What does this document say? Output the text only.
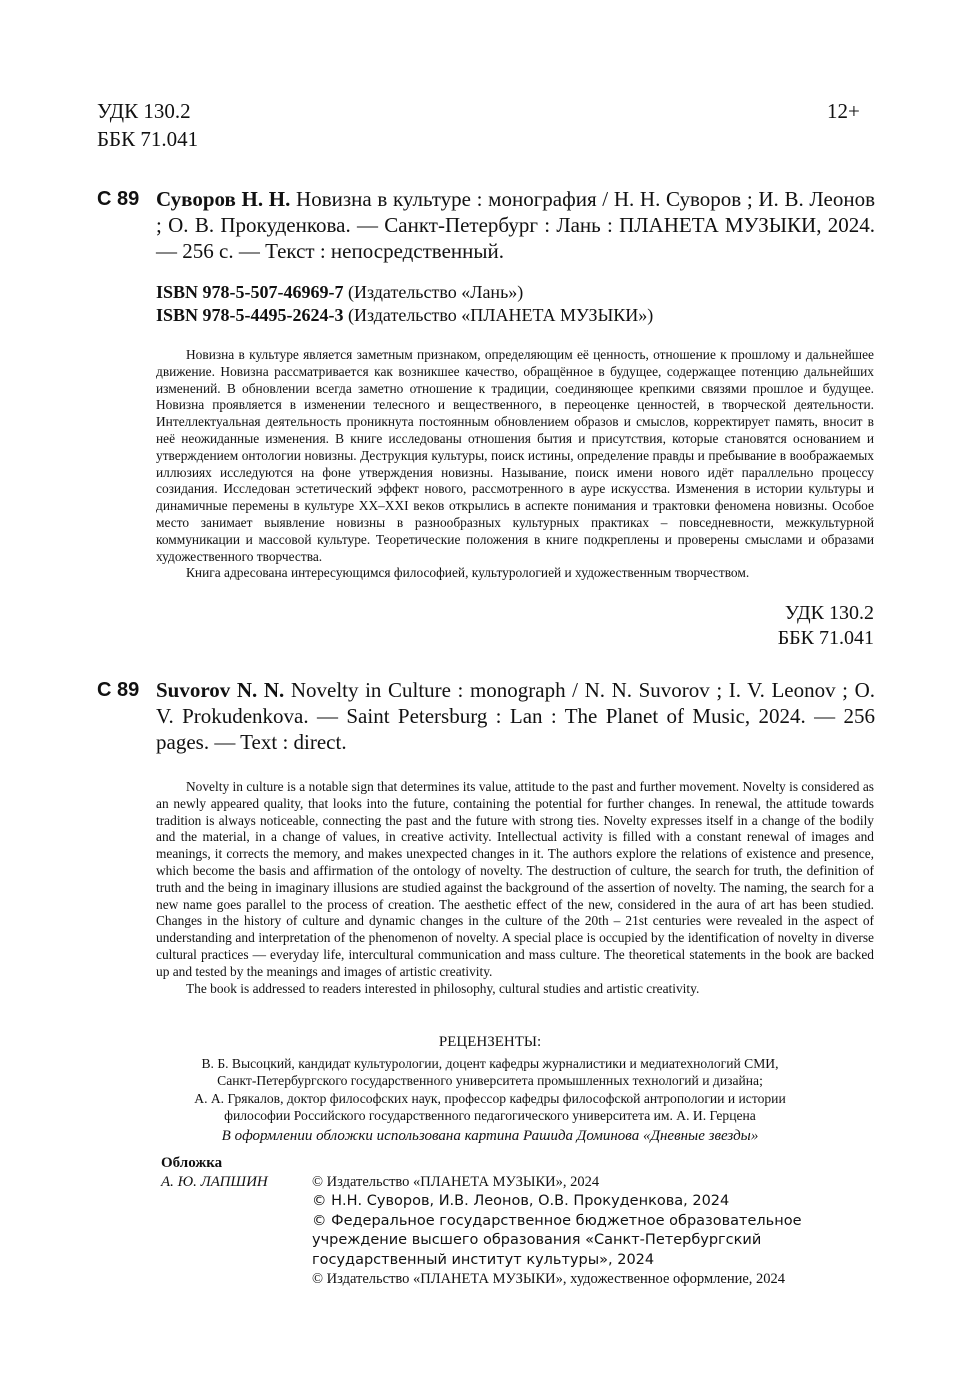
УДК 130.2
ББК 71.041
12+
С 89 Суворов Н. Н. Новизна в культуре : монография / Н. Н. Суворов ; И. В. Леонов ; О. В. Прокуденкова. — Санкт-Петербург : Лань : ПЛАНЕТА МУЗЫКИ, 2024. — 256 с. — Текст : непосредственный.
ISBN 978-5-507-46969-7 (Издательство «Лань»)
ISBN 978-5-4495-2624-3 (Издательство «ПЛАНЕТА МУЗЫКИ»)

Новизна в культуре является заметным признаком, определяющим её ценность, отношение к прошлому и дальнейшее движение. Новизна рассматривается как возникшее качество, обращённое в будущее, содержащее потенцию дальнейших изменений. В обновлении всегда заметно отношение к традиции, соединяющее крепкими связями прошлое и будущее. Новизна проявляется в изменении телесного и вещественного, в переоценке ценностей, в творческой деятельности. Интеллектуальная деятельность проникнута постоянным обновлением образов и смыслов, корректирует память, вносит в неё неожиданные изменения. В книге исследованы отношения бытия и присутствия, которые становятся основанием и утверждением онтологии новизны. Деструкция культуры, поиск истины, определение правды и пребывание в воображаемых иллюзиях исследуются на фоне утверждения новизны. Называние, поиск имени нового идёт параллельно процессу созидания. Исследован эстетический эффект нового, рассмотренного в ауре искусства. Изменения в истории культуры и динамичные перемены в культуре XX–XXI веков открылись в аспекте понимания и трактовки феномена новизны. Особое место занимает выявление новизны в разнообразных культурных практиках – повседневности, межкультурной коммуникации и массовой культуре. Теоретические положения в книге подкреплены и проверены смыслами и образами художественного творчества.

Книга адресована интересующимся философией, культурологией и художественным творчеством.

УДК 130.2
ББК 71.041
С 89 Suvorov N. N. Novelty in Culture : monograph / N. N. Suvorov ; I. V. Leonov ; O. V. Prokudenkova. — Saint Petersburg : Lan : The Planet of Music, 2024. — 256 pages. — Text : direct.

Novelty in culture is a notable sign that determines its value, attitude to the past and further movement. Novelty is considered as an newly appeared quality, that looks into the future, containing the potential for further changes. In renewal, the attitude towards tradition is always noticeable, connecting the past and the future with strong ties. Novelty expresses itself in a change of the bodily and the material, in a change of values, in creative activity. Intellectual activity is filled with a constant renewal of images and meanings, it corrects the memory, and makes unexpected changes in it. The authors explore the relations of existence and presence, which become the basis and affirmation of the ontology of novelty. The destruction of culture, the search for truth, the definition of truth and the being in imaginary illusions are studied against the background of the assertion of novelty. The naming, the search for a new name goes parallel to the process of creation. The aesthetic effect of the new, considered in the aura of art has been studied. Changes in the history of culture and dynamic changes in the culture of the 20th – 21st centuries were revealed in the aspect of understanding and interpretation of the phenomenon of novelty. A special place is occupied by the identification of novelty in diverse cultural practices — everyday life, intercultural communication and mass culture. The theoretical statements in the book are backed up and tested by the meanings and images of artistic creativity.

The book is addressed to readers interested in philosophy, cultural studies and artistic creativity.

РЕЦЕНЗЕНТЫ:
В. Б. Высоцкий, кандидат культурологии, доцент кафедры журналистики и медиатехнологий СМИ,
Санкт-Петербургского государственного университета промышленных технологий и дизайна;
А. А. Грякалов, доктор философских наук, профессор кафедры философской антропологии и истории
философии Российского государственного педагогического университета им. А. И. Герцена
В оформлении обложки использована картина Рашида Доминова «Дневные звезды»
Обложка
А. Ю. ЛАПШИН	© Издательство «ПЛАНЕТА МУЗЫКИ», 2024
© Н.Н. Суворов, И.В. Леонов, О.В. Прокуденкова, 2024
© Федеральное государственное бюджетное образовательное
учреждение высшего образования «Санкт-Петербургский
государственный институт культуры», 2024
© Издательство «ПЛАНЕТА МУЗЫКИ», художественное оформление, 2024
